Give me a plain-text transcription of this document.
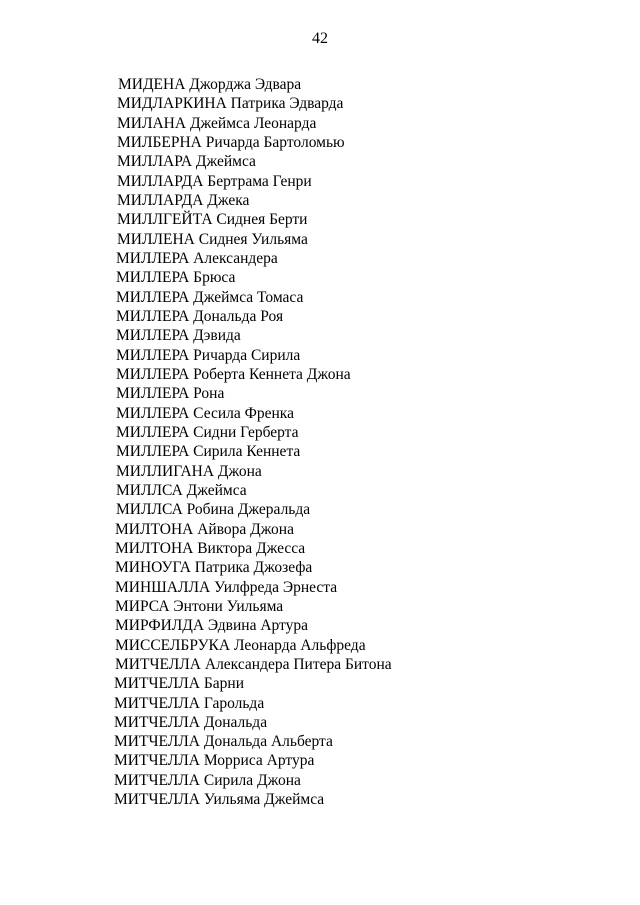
42
МИДЕНА Джорджа Эдвара
МИДЛАРКИНА Патрика Эдварда
МИЛАНА Джеймса Леонарда
МИЛБЕРНА Ричарда Бартоломью
МИЛЛАРА Джеймса
МИЛЛАРДА Бертрама Генри
МИЛЛАРДА Джека
МИЛЛГЕЙТА Сиднея Берти
МИЛЛЕНА Сиднея Уильяма
МИЛЛЕРА Александера
МИЛЛЕРА Брюса
МИЛЛЕРА Джеймса Томаса
МИЛЛЕРА Дональда Роя
МИЛЛЕРА Дэвида
МИЛЛЕРА Ричарда Сирила
МИЛЛЕРА Роберта Кеннета Джона
МИЛЛЕРА Рона
МИЛЛЕРА Сесила Френка
МИЛЛЕРА Сидни Герберта
МИЛЛЕРА Сирила Кеннета
МИЛЛИГАНА Джона
МИЛЛСА Джеймса
МИЛЛСА Робина Джеральда
МИЛТОНА Айвора Джона
МИЛТОНА Виктора Джесса
МИНОУГА Патрика Джозефа
МИНШАЛЛА Уилфреда Эрнеста
МИРСА Энтони Уильяма
МИРФИЛДА Эдвина Артура
МИССЕЛБРУКА Леонарда Альфреда
МИТЧЕЛЛА Александера Питера Битона
МИТЧЕЛЛА Барни
МИТЧЕЛЛА Гарольда
МИТЧЕЛЛА Дональда
МИТЧЕЛЛА Дональда Альберта
МИТЧЕЛЛА Морриса Артура
МИТЧЕЛЛА Сирила Джона
МИТЧЕЛЛА Уильяма Джеймса
